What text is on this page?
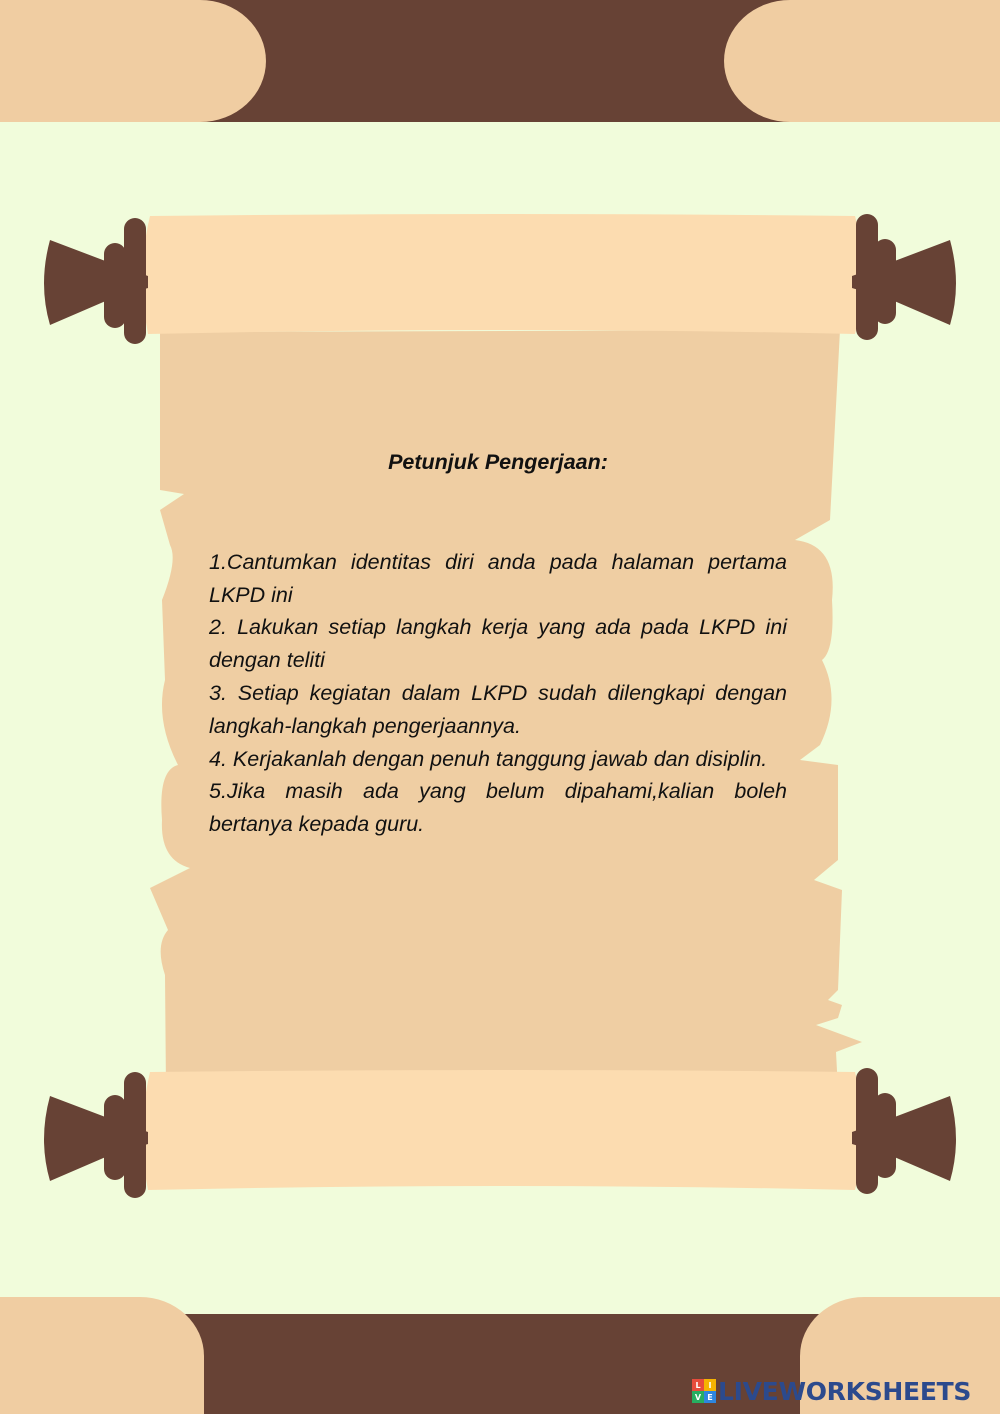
Petunjuk Pengerjaan:

1.Cantumkan identitas diri anda pada halaman pertama LKPD ini

2. Lakukan setiap langkah kerja yang ada pada LKPD ini dengan teliti

3. Setiap kegiatan dalam LKPD sudah dilengkapi dengan langkah-langkah pengerjaannya.

4. Kerjakanlah dengan penuh tanggung jawab dan disiplin.

5.Jika masih ada yang belum dipahami,kalian boleh bertanya kepada guru.

L I
V E LIVEWORKSHEETS
